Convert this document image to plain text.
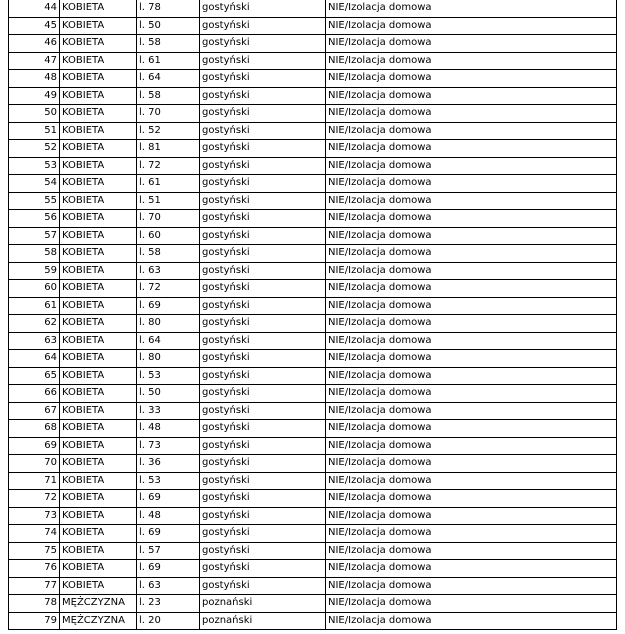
44	KOBIETA	l. 78	gostyński	NIE/Izolacja domowa
45	KOBIETA	l. 50	gostyński	NIE/Izolacja domowa
46	KOBIETA	l. 58	gostyński	NIE/Izolacja domowa
47	KOBIETA	l. 61	gostyński	NIE/Izolacja domowa
48	KOBIETA	l. 64	gostyński	NIE/Izolacja domowa
49	KOBIETA	l. 58	gostyński	NIE/Izolacja domowa
50	KOBIETA	l. 70	gostyński	NIE/Izolacja domowa
51	KOBIETA	l. 52	gostyński	NIE/Izolacja domowa
52	KOBIETA	l. 81	gostyński	NIE/Izolacja domowa
53	KOBIETA	l. 72	gostyński	NIE/Izolacja domowa
54	KOBIETA	l. 61	gostyński	NIE/Izolacja domowa
55	KOBIETA	l. 51	gostyński	NIE/Izolacja domowa
56	KOBIETA	l. 70	gostyński	NIE/Izolacja domowa
57	KOBIETA	l. 60	gostyński	NIE/Izolacja domowa
58	KOBIETA	l. 58	gostyński	NIE/Izolacja domowa
59	KOBIETA	l. 63	gostyński	NIE/Izolacja domowa
60	KOBIETA	l. 72	gostyński	NIE/Izolacja domowa
61	KOBIETA	l. 69	gostyński	NIE/Izolacja domowa
62	KOBIETA	l. 80	gostyński	NIE/Izolacja domowa
63	KOBIETA	l. 64	gostyński	NIE/Izolacja domowa
64	KOBIETA	l. 80	gostyński	NIE/Izolacja domowa
65	KOBIETA	l. 53	gostyński	NIE/Izolacja domowa
66	KOBIETA	l. 50	gostyński	NIE/Izolacja domowa
67	KOBIETA	l. 33	gostyński	NIE/Izolacja domowa
68	KOBIETA	l. 48	gostyński	NIE/Izolacja domowa
69	KOBIETA	l. 73	gostyński	NIE/Izolacja domowa
70	KOBIETA	l. 36	gostyński	NIE/Izolacja domowa
71	KOBIETA	l. 53	gostyński	NIE/Izolacja domowa
72	KOBIETA	l. 69	gostyński	NIE/Izolacja domowa
73	KOBIETA	l. 48	gostyński	NIE/Izolacja domowa
74	KOBIETA	l. 69	gostyński	NIE/Izolacja domowa
75	KOBIETA	l. 57	gostyński	NIE/Izolacja domowa
76	KOBIETA	l. 69	gostyński	NIE/Izolacja domowa
77	KOBIETA	l. 63	gostyński	NIE/Izolacja domowa
78	MĘŻCZYZNA	l. 23	poznański	NIE/Izolacja domowa
79	MĘŻCZYZNA	l. 20	poznański	NIE/Izolacja domowa
